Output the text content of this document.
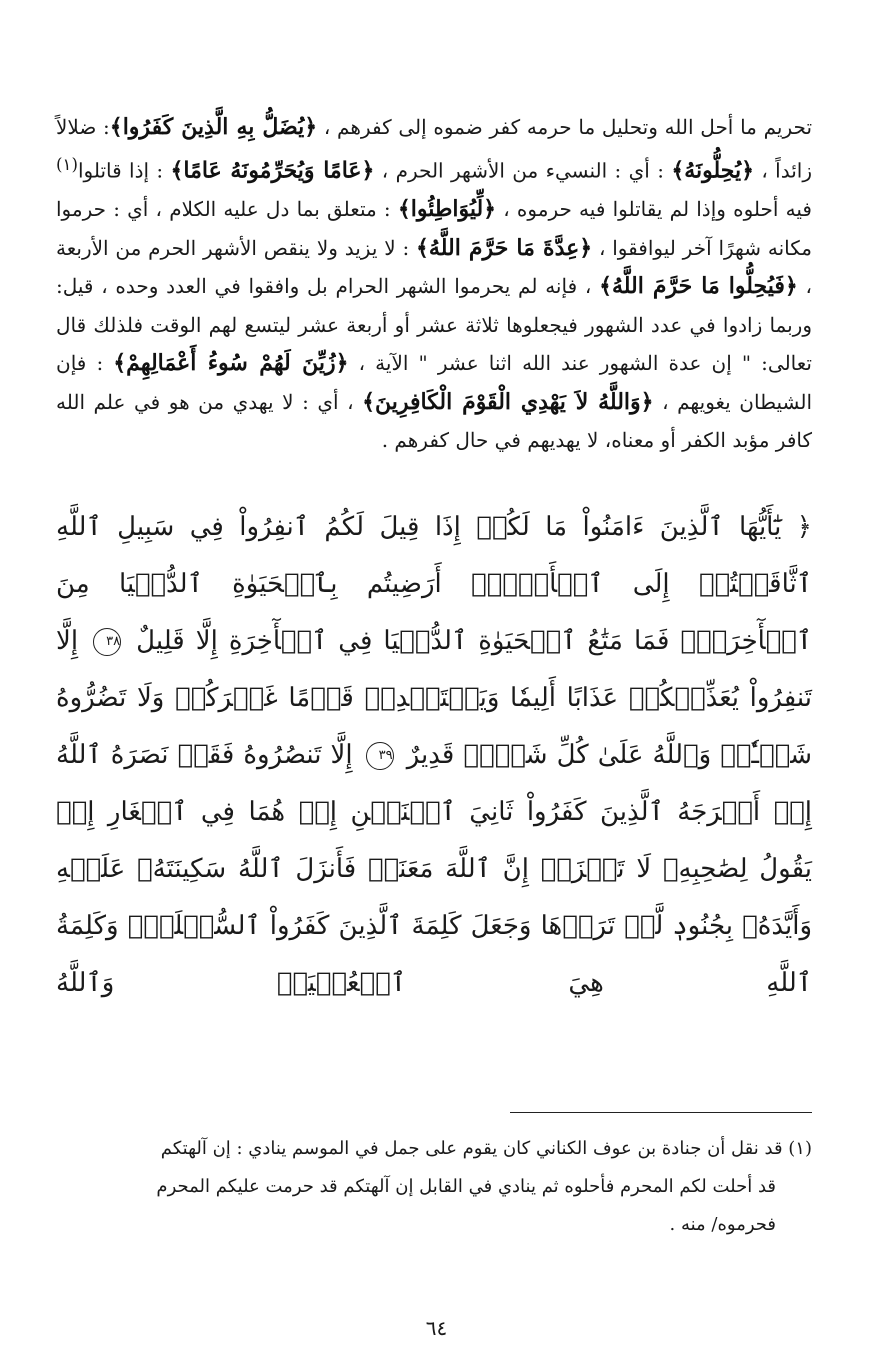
تحريم ما أحل الله وتحليل ما حرمه كفر ضموه إلى كفرهم ، ﴿يُضَلُّ بِهِ الَّذِينَ كَفَرُوا﴾: ضلالاً زائداً ، ﴿يُحِلُّونَهُ﴾ : أي : النسيء من الأشهر الحرم ، ﴿عَامًا وَيُحَرِّمُونَهُ عَامًا﴾ : إذا قاتلوا$^{(١)}$ فيه أحلوه وإذا لم يقاتلوا فيه حرموه ، ﴿لِّيُوَاطِئُوا﴾ : متعلق بما دل عليه الكلام ، أي : حرموا مكانه شهرًا آخر ليوافقوا ، ﴿عِدَّةَ مَا حَرَّمَ اللَّهُ﴾ : لا يزيد ولا ينقص الأشهر الحرم من الأربعة ، ﴿فَيُحِلُّوا مَا حَرَّمَ اللَّهُ﴾ ، فإنه لم يحرموا الشهر الحرام بل وافقوا في العدد وحده ، قيل: وربما زادوا في عدد الشهور فيجعلوها ثلاثة عشر أو أربعة عشر ليتسع لهم الوقت فلذلك قال تعالى: " إن عدة الشهور عند الله اثنا عشر " الآية ، ﴿زُيِّنَ لَهُمْ سُوءُ أَعْمَالِهِمْ﴾ : فإن الشيطان يغويهم ، ﴿وَاللَّهُ لاَ يَهْدِي الْقَوْمَ الْكَافِرِينَ﴾ ، أي : لا يهدي من هو في علم الله كافر مؤبد الكفر أو معناه، لا يهديهم في حال كفرهم .

﴿ يَٰٓأَيُّهَا ٱلَّذِينَ ءَامَنُواْ مَا لَكُمۡ إِذَا قِيلَ لَكُمُ ٱنفِرُواْ فِي سَبِيلِ ٱللَّهِ ٱثَّاقَلۡتُمۡ إِلَى ٱلۡأَرۡضِۚ أَرَضِيتُم بِٱلۡحَيَوٰةِ ٱلدُّنۡيَا مِنَ ٱلۡأٓخِرَةِۚ فَمَا مَتَٰعُ ٱلۡحَيَوٰةِ ٱلدُّنۡيَا فِي ٱلۡأٓخِرَةِ إِلَّا قَلِيلٌ ٣٨ إِلَّا تَنفِرُواْ يُعَذِّبۡكُمۡ عَذَابًا أَلِيمٗا وَيَسۡتَبۡدِلۡ قَوۡمًا غَيۡرَكُمۡ وَلَا تَضُرُّوهُ شَيۡـٔٗاۗ وَٱللَّهُ عَلَىٰ كُلِّ شَيۡءٖ قَدِيرٌ ٣٩ إِلَّا تَنصُرُوهُ فَقَدۡ نَصَرَهُ ٱللَّهُ إِذۡ أَخۡرَجَهُ ٱلَّذِينَ كَفَرُواْ ثَانِيَ ٱثۡنَيۡنِ إِذۡ هُمَا فِي ٱلۡغَارِ إِذۡ يَقُولُ لِصَٰحِبِهِۦ لَا تَحۡزَنۡ إِنَّ ٱللَّهَ مَعَنَاۖ فَأَنزَلَ ٱللَّهُ سَكِينَتَهُۥ عَلَيۡهِ وَأَيَّدَهُۥ بِجُنُودٖ لَّمۡ تَرَوۡهَا وَجَعَلَ كَلِمَةَ ٱلَّذِينَ كَفَرُواْ ٱلسُّفۡلَىٰۗ وَكَلِمَةُ ٱللَّهِ هِيَ ٱلۡعُلۡيَاۗ وَٱللَّهُ

(١) قد نقل أن جنادة بن عوف الكناني كان يقوم على جمل في الموسم ينادي : إن آلهتكم

قد أحلت لكم المحرم فأحلوه ثم ينادي في القابل إن آلهتكم قد حرمت عليكم المحرم

فحرموه/ منه .

٦٤
